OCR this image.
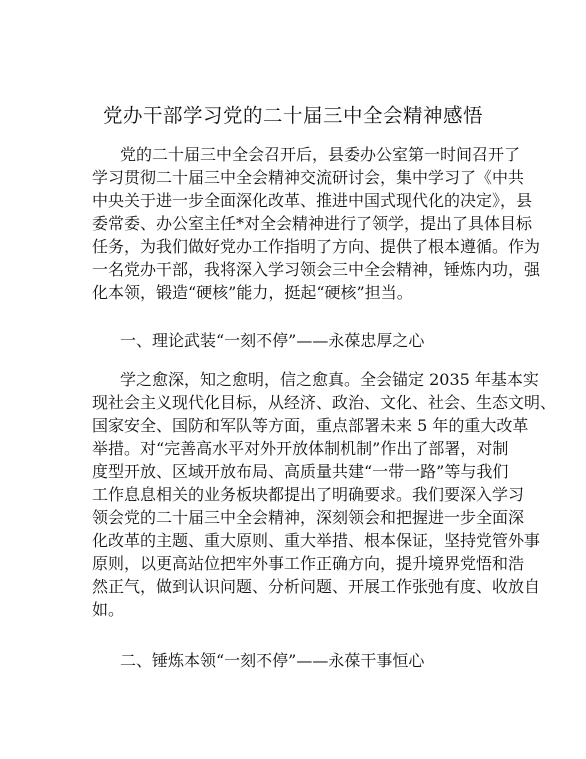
党办干部学习党的二十届三中全会精神感悟
党的二十届三中全会召开后，县委办公室第一时间召开了
学习贯彻二十届三中全会精神交流研讨会，集中学习了《中共
中央关于进一步全面深化改革、推进中国式现代化的决定》，县
委常委、办公室主任*对全会精神进行了领学，提出了具体目标
任务，为我们做好党办工作指明了方向、提供了根本遵循。作为
一名党办干部，我将深入学习领会三中全会精神，锤炼内功，强
化本领，锻造“硬核”能力，挺起“硬核”担当。
一、理论武装“一刻不停”——永葆忠厚之心
学之愈深，知之愈明，信之愈真。全会锚定 2035 年基本实
现社会主义现代化目标，从经济、政治、文化、社会、生态文明、
国家安全、国防和军队等方面，重点部署未来 5 年的重大改革
举措。对“完善高水平对外开放体制机制”作出了部署，对制
度型开放、区域开放布局、高质量共建“一带一路”等与我们
工作息息相关的业务板块都提出了明确要求。我们要深入学习
领会党的二十届三中全会精神，深刻领会和把握进一步全面深
化改革的主题、重大原则、重大举措、根本保证，坚持党管外事
原则，以更高站位把牢外事工作正确方向，提升境界党悟和浩
然正气，做到认识问题、分析问题、开展工作张弛有度、收放自
如。
二、锤炼本领“一刻不停”——永葆干事恒心
